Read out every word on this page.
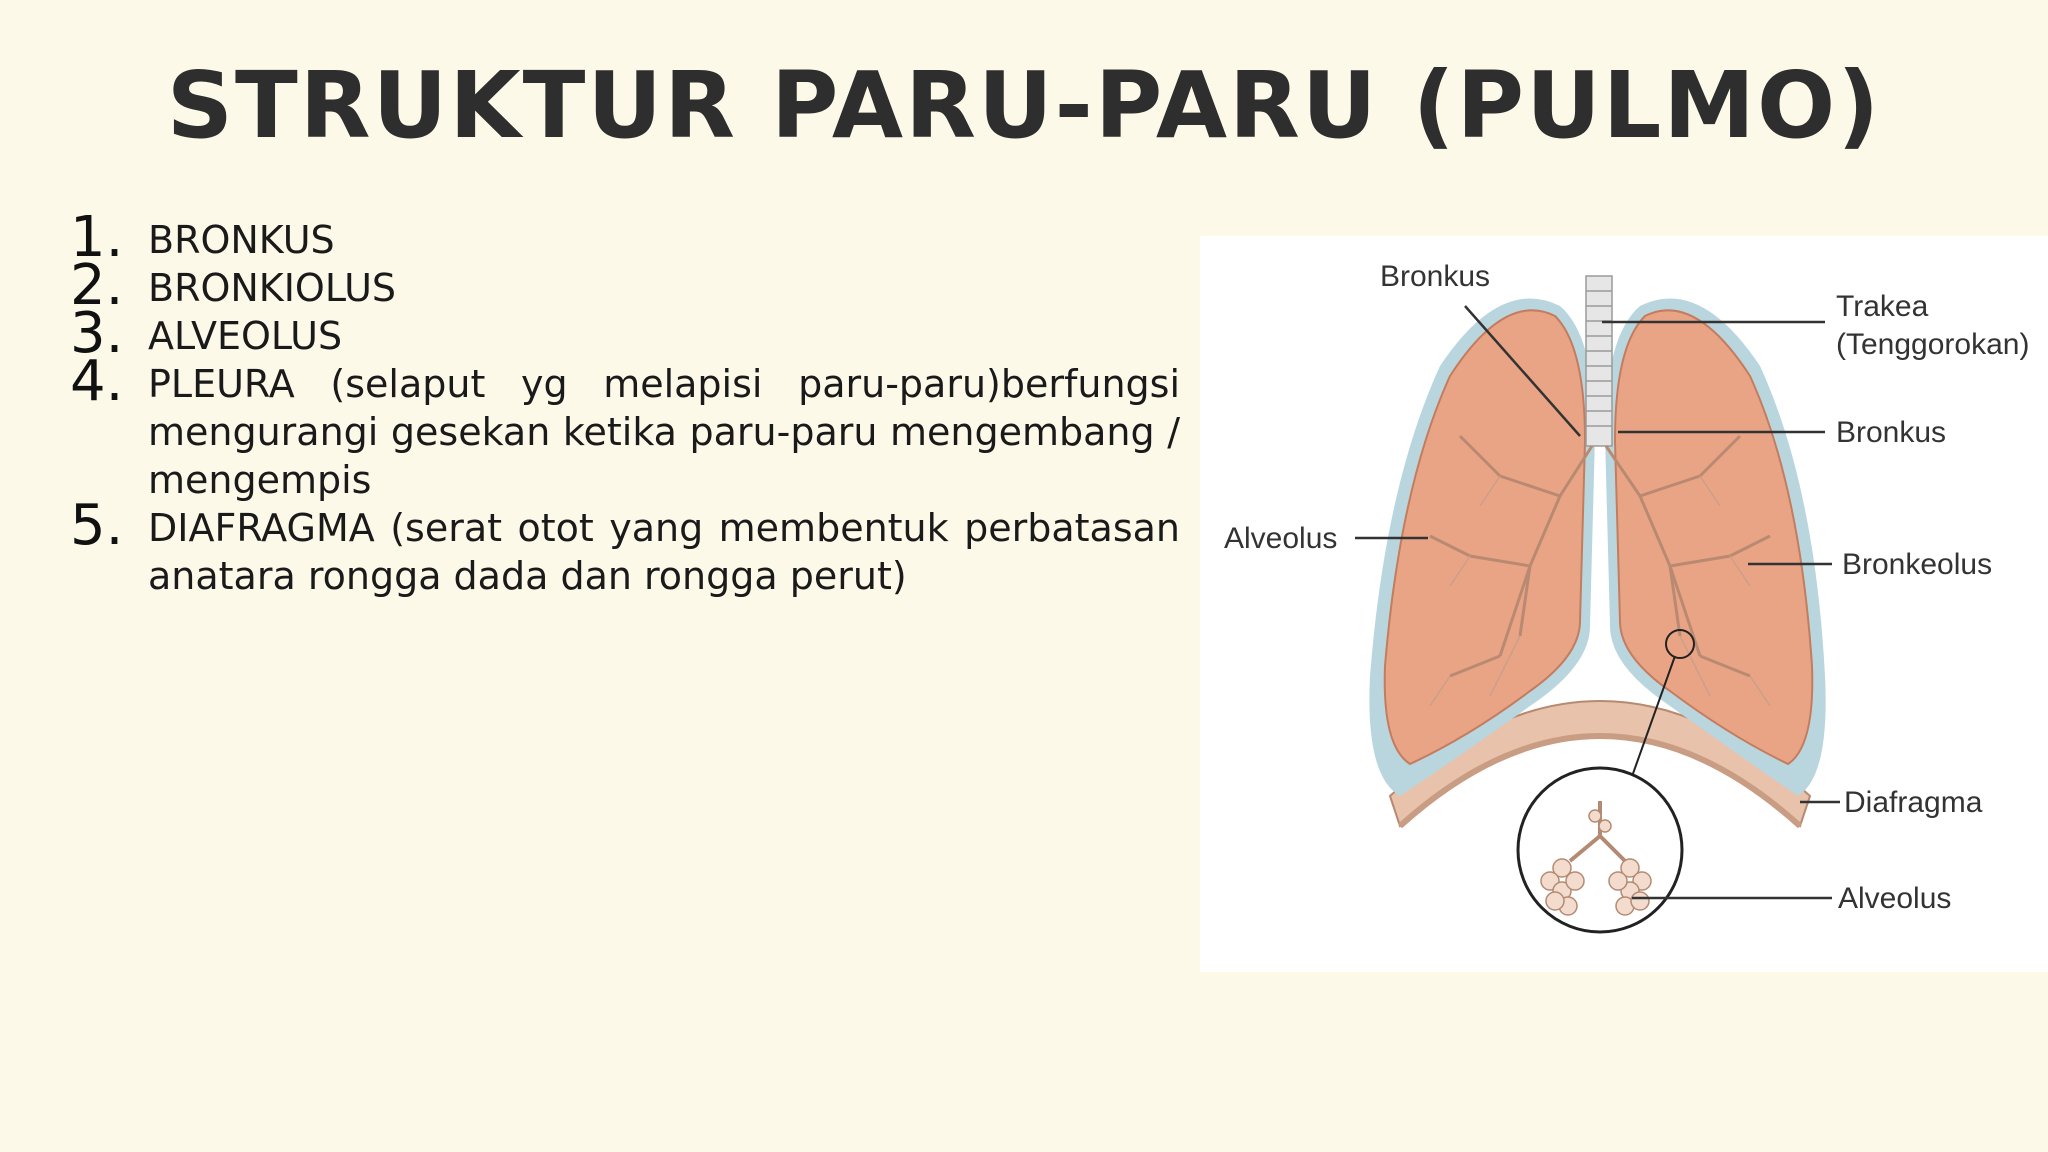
STRUKTUR PARU-PARU (PULMO)
1. BRONKUS
2. BRONKIOLUS
3. ALVEOLUS
4. PLEURA (selaput yg melapisi paru-paru)berfungsi mengurangi gesekan ketika paru-paru mengembang / mengempis
5. DIAFRAGMA (serat otot yang membentuk perbatasan anatara rongga dada dan rongga perut)
Bronkus
Trakea
(Tenggorokan)
Bronkus
Alveolus
Bronkeolus
Diafragma
Alveolus
